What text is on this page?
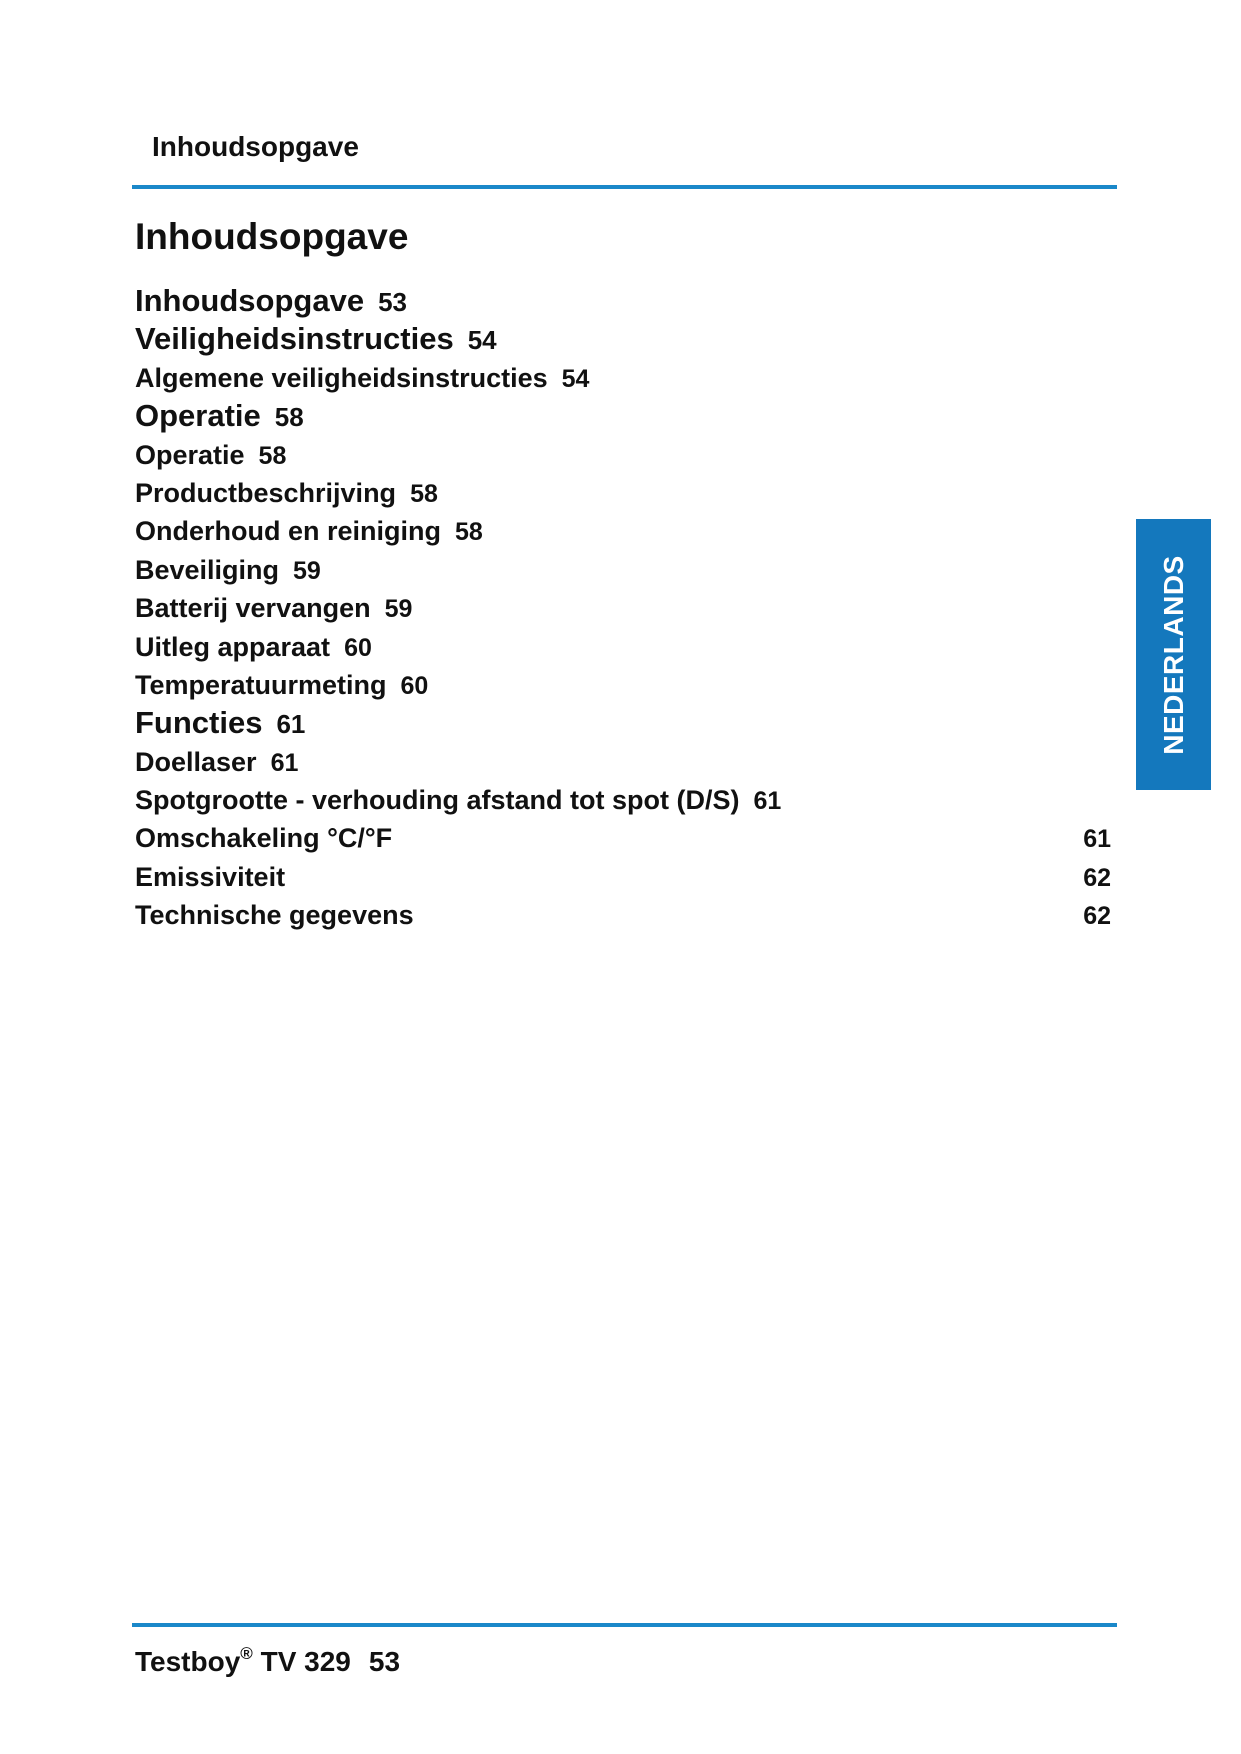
Inhoudsopgave
Inhoudsopgave
Inhoudsopgave 53
Veiligheidsinstructies 54
Algemene veiligheidsinstructies 54
Operatie 58
Operatie 58
Productbeschrijving 58
Onderhoud en reiniging 58
Beveiliging 59
Batterij vervangen 59
Uitleg apparaat 60
Temperatuurmeting 60
Functies 61
Doellaser 61
Spotgrootte - verhouding afstand tot spot (D/S) 61
Omschakeling °C/°F	61
Emissiviteit	62
Technische gegevens	62
NEDERLANDS
Testboy® TV 329 53
